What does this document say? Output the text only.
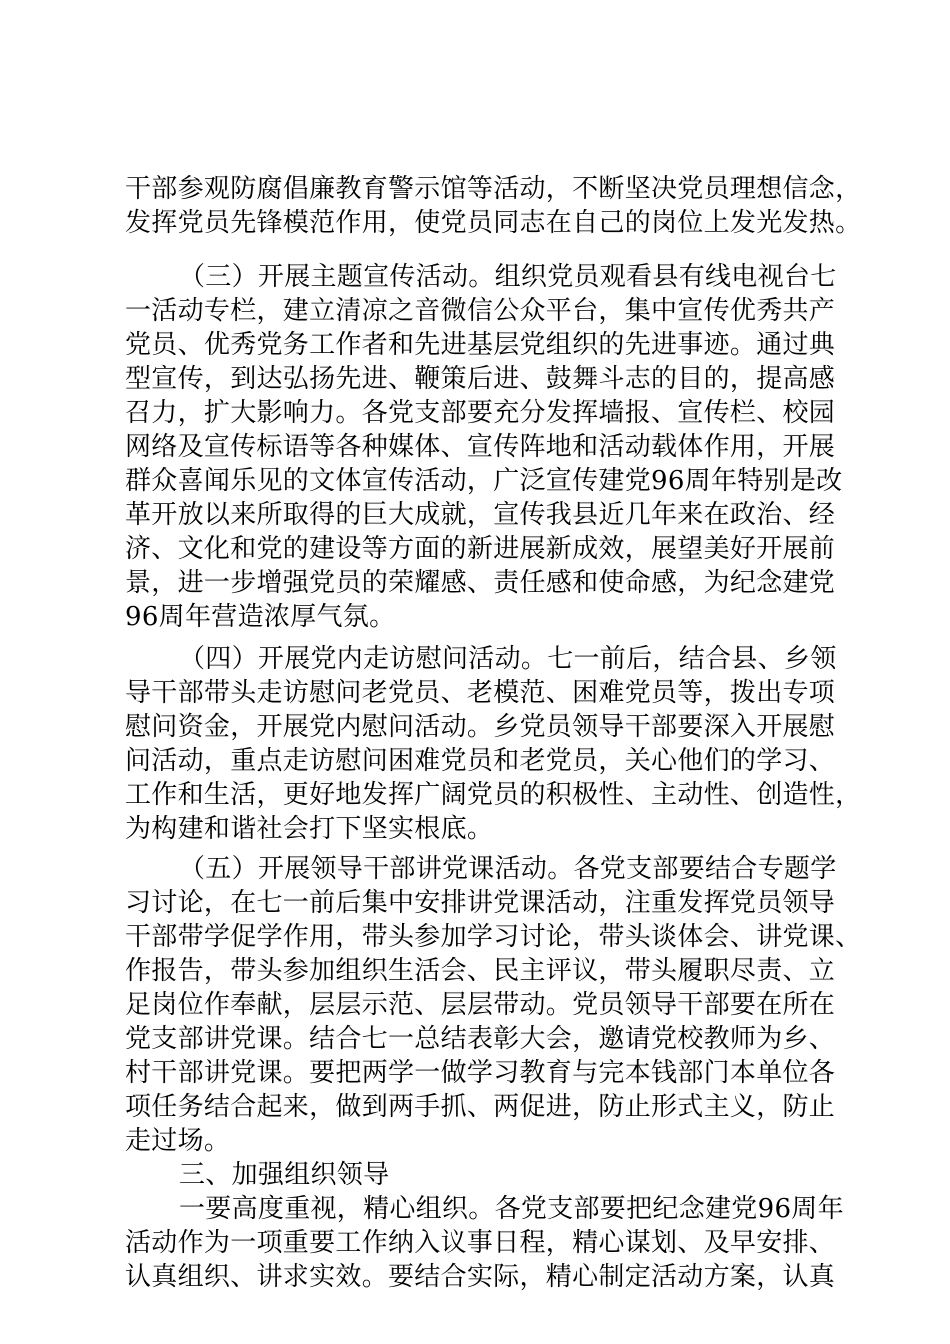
干部参观防腐倡廉教育警示馆等活动，不断坚决党员理想信念，
发挥党员先锋模范作用，使党员同志在自己的岗位上发光发热。
（三）开展主题宣传活动。组织党员观看县有线电视台七
一活动专栏，建立清凉之音微信公众平台，集中宣传优秀共产
党员、优秀党务工作者和先进基层党组织的先进事迹。通过典
型宣传，到达弘扬先进、鞭策后进、鼓舞斗志的目的，提高感
召力，扩大影响力。各党支部要充分发挥墙报、宣传栏、校园
网络及宣传标语等各种媒体、宣传阵地和活动载体作用，开展
群众喜闻乐见的文体宣传活动，广泛宣传建党96周年特别是改
革开放以来所取得的巨大成就，宣传我县近几年来在政治、经
济、文化和党的建设等方面的新进展新成效，展望美好开展前
景，进一步增强党员的荣耀感、责任感和使命感，为纪念建党
96周年营造浓厚气氛。
（四）开展党内走访慰问活动。七一前后，结合县、乡领
导干部带头走访慰问老党员、老模范、困难党员等，拨出专项
慰问资金，开展党内慰问活动。乡党员领导干部要深入开展慰
问活动，重点走访慰问困难党员和老党员，关心他们的学习、
工作和生活，更好地发挥广阔党员的积极性、主动性、创造性，
为构建和谐社会打下坚实根底。
（五）开展领导干部讲党课活动。各党支部要结合专题学
习讨论，在七一前后集中安排讲党课活动，注重发挥党员领导
干部带学促学作用，带头参加学习讨论，带头谈体会、讲党课、
作报告，带头参加组织生活会、民主评议，带头履职尽责、立
足岗位作奉献，层层示范、层层带动。党员领导干部要在所在
党支部讲党课。结合七一总结表彰大会，邀请党校教师为乡、
村干部讲党课。要把两学一做学习教育与完本钱部门本单位各
项任务结合起来，做到两手抓、两促进，防止形式主义，防止
走过场。
三、加强组织领导
一要高度重视，精心组织。各党支部要把纪念建党96周年
活动作为一项重要工作纳入议事日程，精心谋划、及早安排、
认真组织、讲求实效。要结合实际，精心制定活动方案，认真
